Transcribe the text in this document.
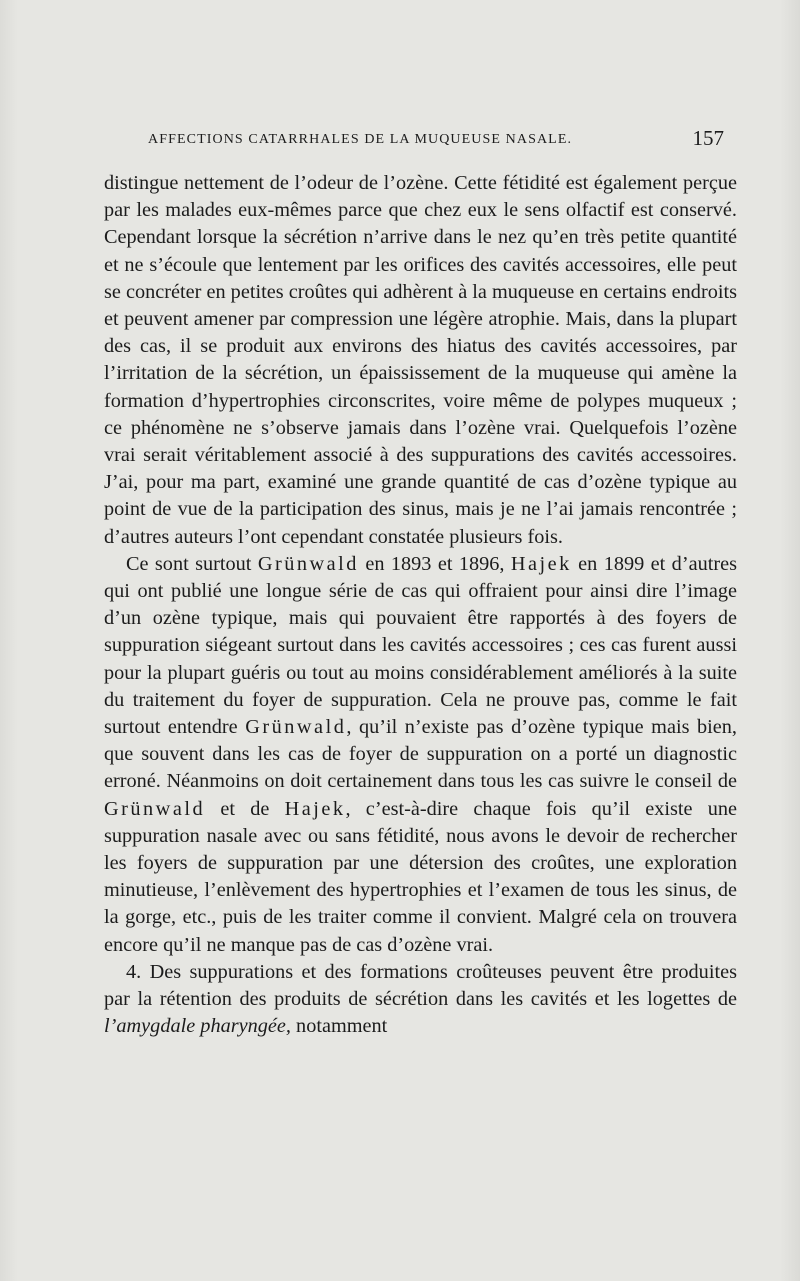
AFFECTIONS CATARRHALES DE LA MUQUEUSE NASALE.	157

distingue nettement de l’odeur de l’ozène. Cette fétidité est également perçue par les malades eux-mêmes parce que chez eux le sens olfactif est conservé. Cependant lorsque la sécrétion n’arrive dans le nez qu’en très petite quantité et ne s’écoule que lentement par les orifices des cavités accessoires, elle peut se concréter en petites croûtes qui adhèrent à la muqueuse en certains endroits et peuvent amener par compression une légère atrophie. Mais, dans la plupart des cas, il se produit aux environs des hiatus des cavités accessoires, par l’irritation de la sécrétion, un épaississement de la muqueuse qui amène la formation d’hypertrophies circonscrites, voire même de polypes muqueux ; ce phénomène ne s’observe jamais dans l’ozène vrai. Quelquefois l’ozène vrai serait véritablement associé à des suppurations des cavités accessoires. J’ai, pour ma part, examiné une grande quantité de cas d’ozène typique au point de vue de la participation des sinus, mais je ne l’ai jamais rencontrée ; d’autres auteurs l’ont cependant constatée plusieurs fois.

Ce sont surtout Grünwald en 1893 et 1896, Hajek en 1899 et d’autres qui ont publié une longue série de cas qui offraient pour ainsi dire l’image d’un ozène typique, mais qui pouvaient être rapportés à des foyers de suppuration siégeant surtout dans les cavités accessoires ; ces cas furent aussi pour la plupart guéris ou tout au moins considérablement améliorés à la suite du traitement du foyer de suppuration. Cela ne prouve pas, comme le fait surtout entendre Grünwald, qu’il n’existe pas d’ozène typique mais bien, que souvent dans les cas de foyer de suppuration on a porté un diagnostic erroné. Néanmoins on doit certainement dans tous les cas suivre le conseil de Grünwald et de Hajek, c’est-à-dire chaque fois qu’il existe une suppuration nasale avec ou sans fétidité, nous avons le devoir de rechercher les foyers de suppuration par une détersion des croûtes, une exploration minutieuse, l’enlèvement des hypertrophies et l’examen de tous les sinus, de la gorge, etc., puis de les traiter comme il convient. Malgré cela on trouvera encore qu’il ne manque pas de cas d’ozène vrai.

4. Des suppurations et des formations croûteuses peuvent être produites par la rétention des produits de sécrétion dans les cavités et les logettes de l’amygdale pharyngée, notamment
